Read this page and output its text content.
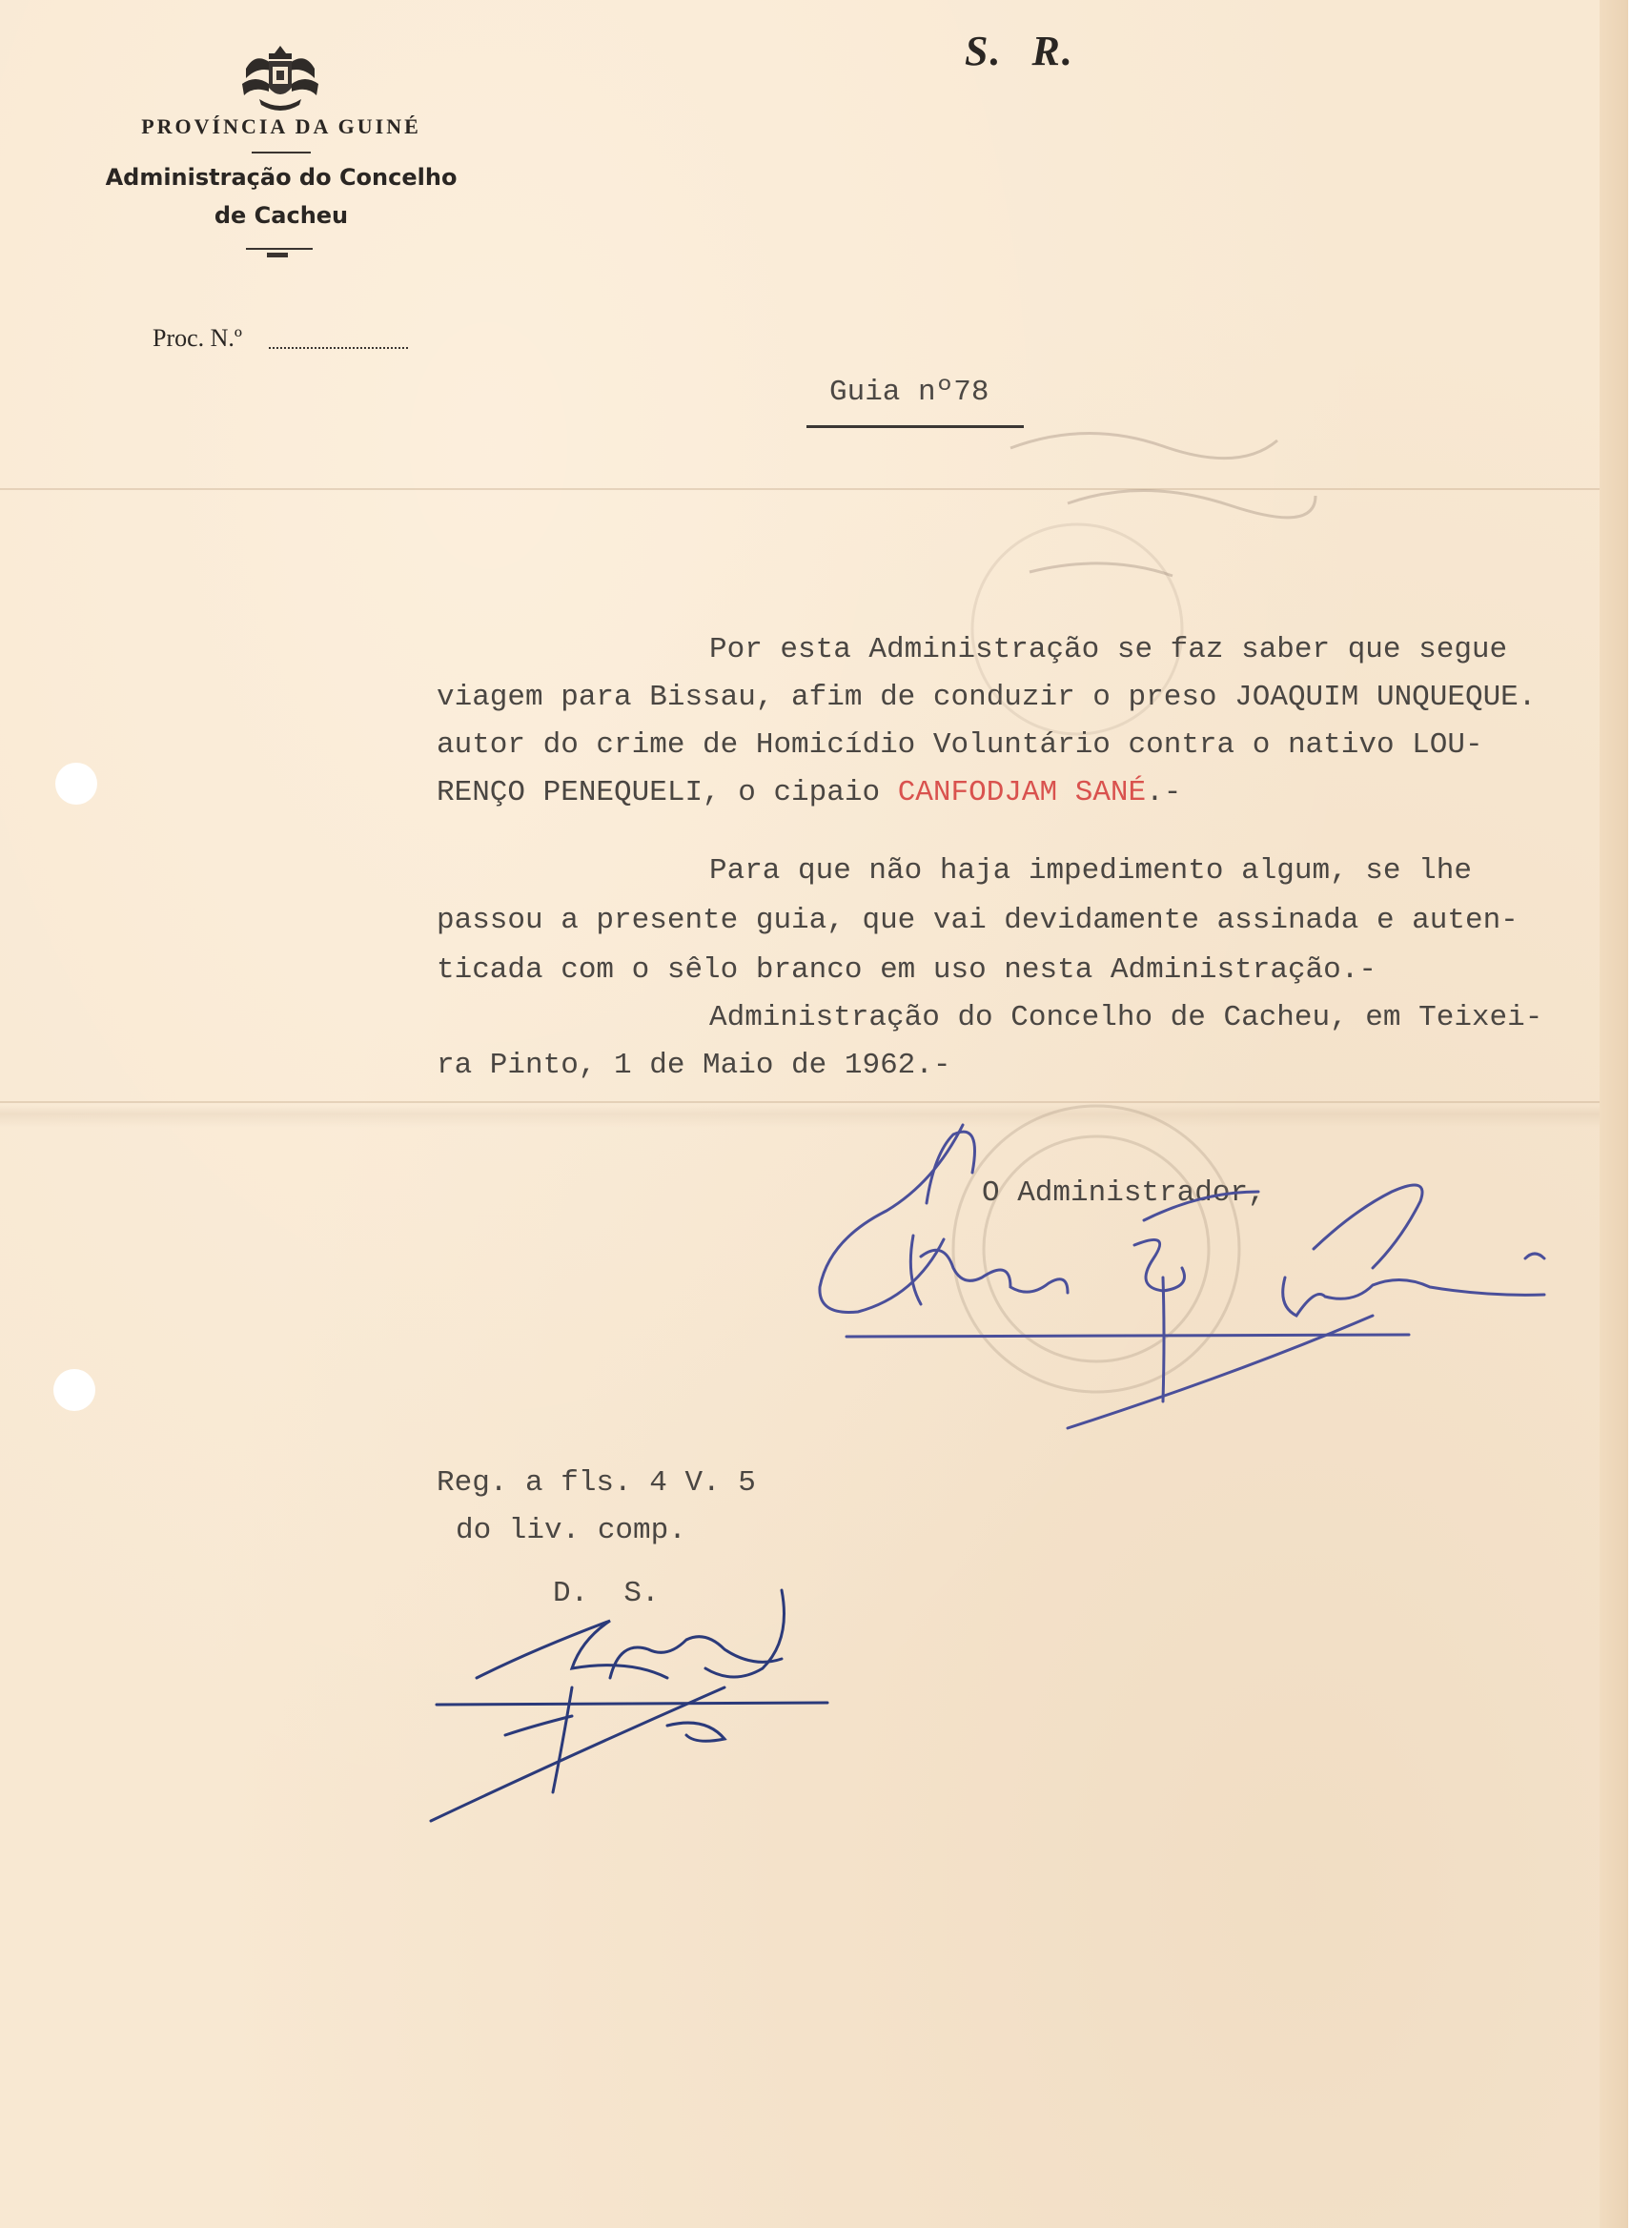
PROVÍNCIA DA GUINÉ
Administração do Concelho
de Cacheu
S. R.
Proc. N.º
Guia nº78
Por esta Administração se faz saber que segue
viagem para Bissau, afim de conduzir o preso JOAQUIM UNQUEQUE.
autor do crime de Homicídio Voluntário contra o nativo LOU-
RENÇO PENEQUELI, o cipaio CANFODJAM SANÉ.-
Para que não haja impedimento algum, se lhe
passou a presente guia, que vai devidamente assinada e auten-
ticada com o sêlo branco em uso nesta Administração.-
Administração do Concelho de Cacheu, em Teixei-
ra Pinto, 1 de Maio de 1962.-
O Administrador,
Reg. a fls. 4 V. 5
do liv. comp.
D.  S.
